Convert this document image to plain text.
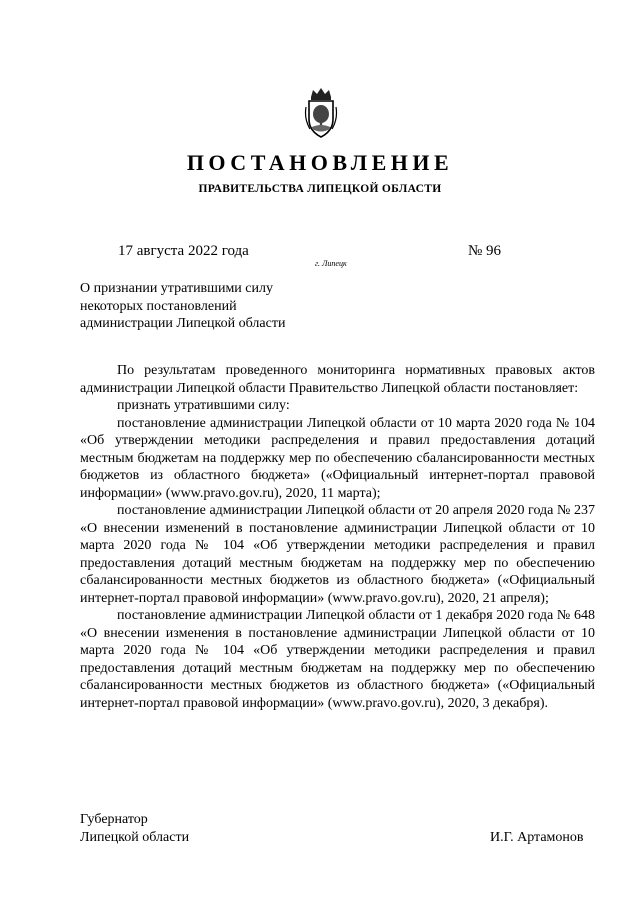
ПОСТАНОВЛЕНИЕ
ПРАВИТЕЛЬСТВА ЛИПЕЦКОЙ ОБЛАСТИ
17 августа 2022 года
г. Липецк
№ 96
О признании утратившими силу
некоторых постановлений
администрации Липецкой области

По результатам проведенного мониторинга нормативных правовых актов администрации Липецкой области Правительство Липецкой области постановляет:

признать утратившими силу:

постановление администрации Липецкой области от 10 марта 2020 года № 104 «Об утверждении методики распределения и правил предоставления дотаций местным бюджетам на поддержку мер по обеспечению сбалансированности местных бюджетов из областного бюджета» («Официальный интернет-портал правовой информации» (www.pravo.gov.ru), 2020, 11 марта);

постановление администрации Липецкой области от 20 апреля 2020 года № 237 «О внесении изменений в постановление администрации Липецкой области от 10 марта 2020 года № 104 «Об утверждении методики распределения и правил предоставления дотаций местным бюджетам на поддержку мер по обеспечению сбалансированности местных бюджетов из областного бюджета» («Официальный интернет-портал правовой информации» (www.pravo.gov.ru), 2020, 21 апреля);

постановление администрации Липецкой области от 1 декабря 2020 года № 648 «О внесении изменения в постановление администрации Липецкой области от 10 марта 2020 года № 104 «Об утверждении методики распределения и правил предоставления дотаций местным бюджетам на поддержку мер по обеспечению сбалансированности местных бюджетов из областного бюджета» («Официальный интернет-портал правовой информации» (www.pravo.gov.ru), 2020, 3 декабря).

Губернатор
Липецкой области	И.Г. Артамонов
